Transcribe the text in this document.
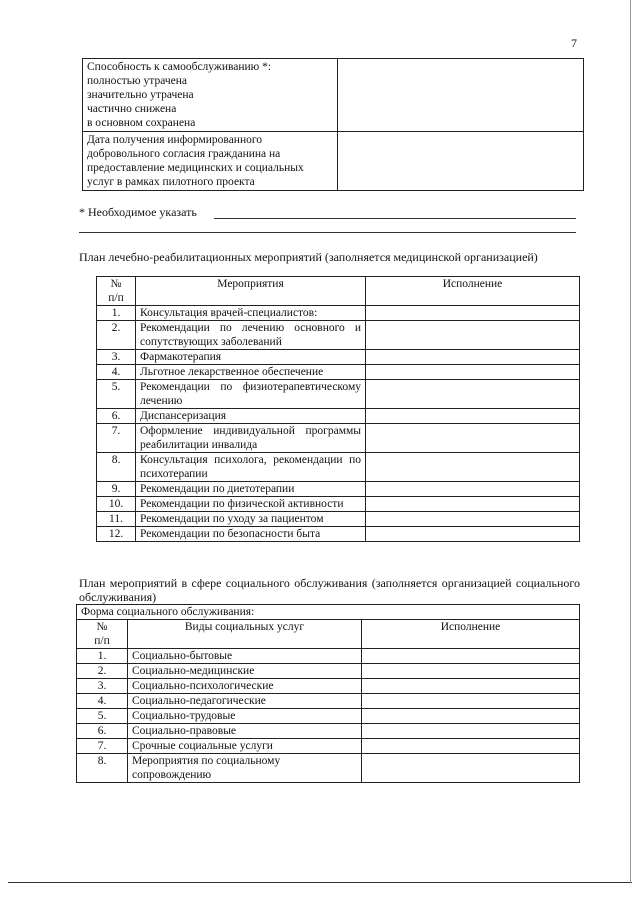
7
Способность к самообслуживанию *:
полностью утрачена
значительно утрачена
частично снижена
в основном сохранена	

Дата получения информированного
добровольного согласия гражданина на
предоставление медицинских и социальных
услуг в рамках пилотного проекта	

* Необходимое указать
План лечебно-реабилитационных мероприятий (заполняется медицинской организацией)
№
п/п	Мероприятия	Исполнение
1.	Консультация врачей-специалистов:	
2.	Рекомендации по лечению основного и сопутствующих заболеваний	
3.	Фармакотерапия	
4.	Льготное лекарственное обеспечение	
5.	Рекомендации по физиотерапевтическому лечению	
6.	Диспансеризация	
7.	Оформление индивидуальной программы реабилитации инвалида	
8.	Консультация психолога, рекомендации по психотерапии	
9.	Рекомендации по диетотерапии	
10.	Рекомендации по физической активности	
11.	Рекомендации по уходу за пациентом	
12.	Рекомендации по безопасности быта	
План мероприятий в сфере социального обслуживания (заполняется организацией социального обслуживания)
Форма социального обслуживания:		

№
п/п	Виды социальных услуг	Исполнение
1.	Социально-бытовые	
2.	Социально-медицинские	
3.	Социально-психологические	
4.	Социально-педагогические	
5.	Социально-трудовые	
6.	Социально-правовые	
7.	Срочные социальные услуги	
8.	Мероприятия по социальному сопровождению	
